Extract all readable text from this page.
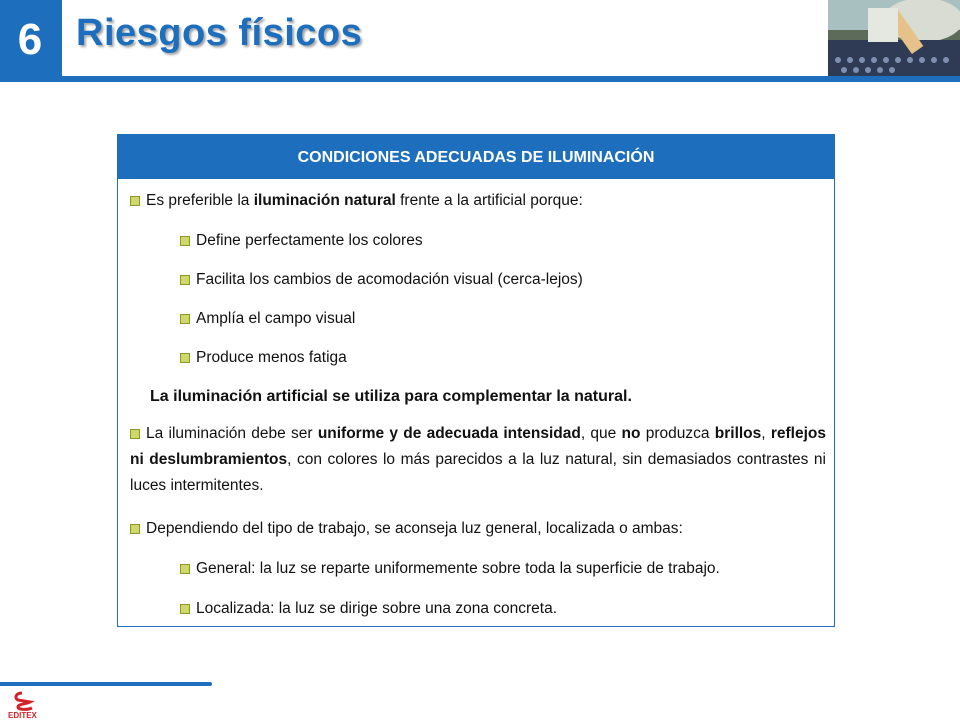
6 Riesgos físicos
CONDICIONES ADECUADAS DE ILUMINACIÓN
Es preferible la iluminación natural frente a la artificial porque:
Define perfectamente los colores
Facilita los cambios de acomodación visual (cerca-lejos)
Amplía el campo visual
Produce menos fatiga
La iluminación artificial se utiliza para complementar la natural.
La iluminación debe ser uniforme y de adecuada intensidad, que no produzca brillos, reflejos ni deslumbramientos, con colores lo más parecidos a la luz natural, sin demasiados contrastes ni luces intermitentes.
Dependiendo del tipo de trabajo, se aconseja luz general, localizada o ambas:
General: la luz se reparte uniformemente sobre toda la superficie de trabajo.
Localizada: la luz se dirige sobre una zona concreta.
EDITEX
